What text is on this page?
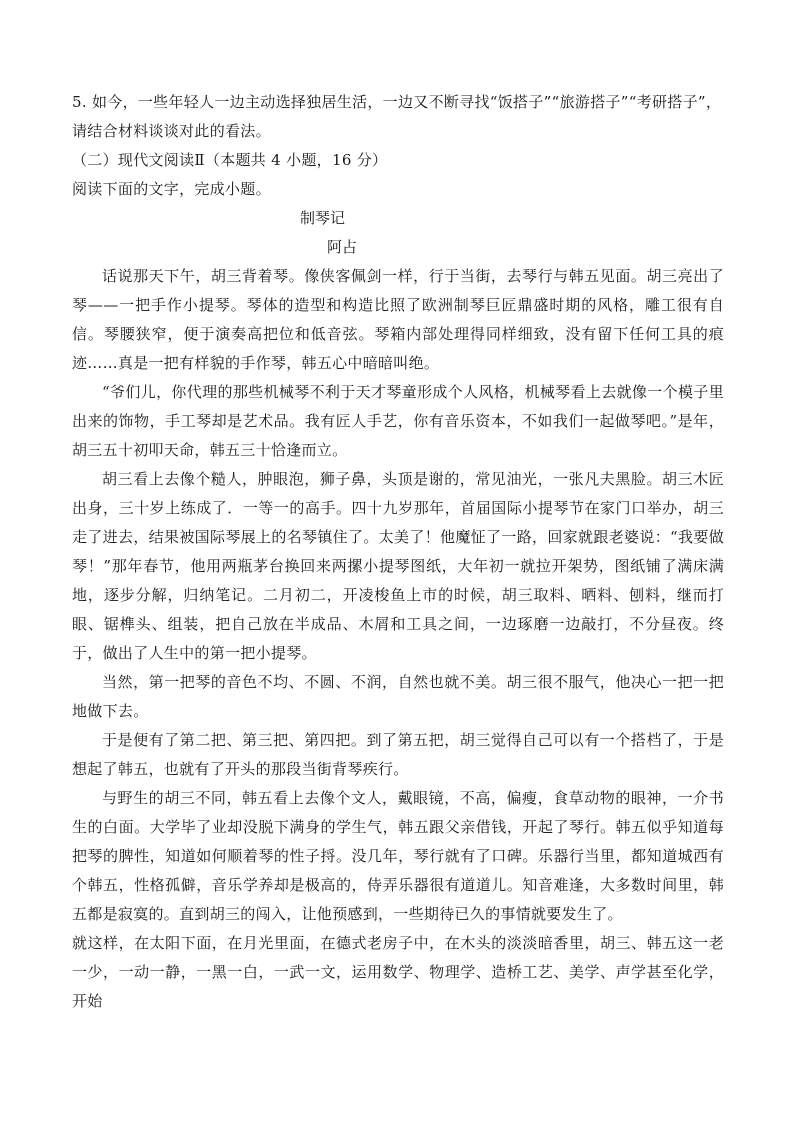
5. 如今，一些年轻人一边主动选择独居生活，一边又不断寻找“饭搭子”“旅游搭子”“考研搭子”，
请结合材料谈谈对此的看法。
（二）现代文阅读Ⅱ（本题共 4 小题，16 分）
阅读下面的文字，完成小题。
制琴记
阿占

话说那天下午，胡三背着琴。像侠客佩剑一样，行于当街，去琴行与韩五见面。胡三亮出了琴——一把手作小提琴。琴体的造型和构造比照了欧洲制琴巨匠鼎盛时期的风格，雕工很有自信。琴腰狭窄，便于演奏高把位和低音弦。琴箱内部处理得同样细致，没有留下任何工具的痕迹……真是一把有样貌的手作琴，韩五心中暗暗叫绝。

“爷们儿，你代理的那些机械琴不利于天才琴童形成个人风格，机械琴看上去就像一个模子里出来的饰物，手工琴却是艺术品。我有匠人手艺，你有音乐资本，不如我们一起做琴吧。”是年，胡三五十初叩天命，韩五三十恰逢而立。

胡三看上去像个糙人，肿眼泡，狮子鼻，头顶是谢的，常见油光，一张凡夫黑脸。胡三木匠出身，三十岁上练成了．一等一的高手。四十九岁那年，首届国际小提琴节在家门口举办，胡三走了进去，结果被国际琴展上的名琴镇住了。太美了！他魔怔了一路，回家就跟老婆说：“我要做琴！”那年春节，他用两瓶茅台换回来两摞小提琴图纸，大年初一就拉开架势，图纸铺了满床满地，逐步分解，归纳笔记。二月初二，开凌梭鱼上市的时候，胡三取料、晒料、刨料，继而打眼、锯榫头、组装，把自己放在半成品、木屑和工具之间，一边琢磨一边敲打，不分昼夜。终于，做出了人生中的第一把小提琴。

当然，第一把琴的音色不均、不圆、不润，自然也就不美。胡三很不服气，他决心一把一把地做下去。

于是便有了第二把、第三把、第四把。到了第五把，胡三觉得自己可以有一个搭档了，于是想起了韩五，也就有了开头的那段当街背琴疾行。

与野生的胡三不同，韩五看上去像个文人，戴眼镜，不高，偏瘦，食草动物的眼神，一介书生的白面。大学毕了业却没脱下满身的学生气，韩五跟父亲借钱，开起了琴行。韩五似乎知道每把琴的脾性，知道如何顺着琴的性子捋。没几年，琴行就有了口碑。乐器行当里，都知道城西有个韩五，性格孤僻，音乐学养却是极高的，侍弄乐器很有道道儿。知音难逢，大多数时间里，韩五都是寂寞的。直到胡三的闯入，让他预感到，一些期待已久的事情就要发生了。

就这样，在太阳下面，在月光里面，在德式老房子中，在木头的淡淡暗香里，胡三、韩五这一老一少，一动一静，一黑一白，一武一文，运用数学、物理学、造桥工艺、美学、声学甚至化学，开始
